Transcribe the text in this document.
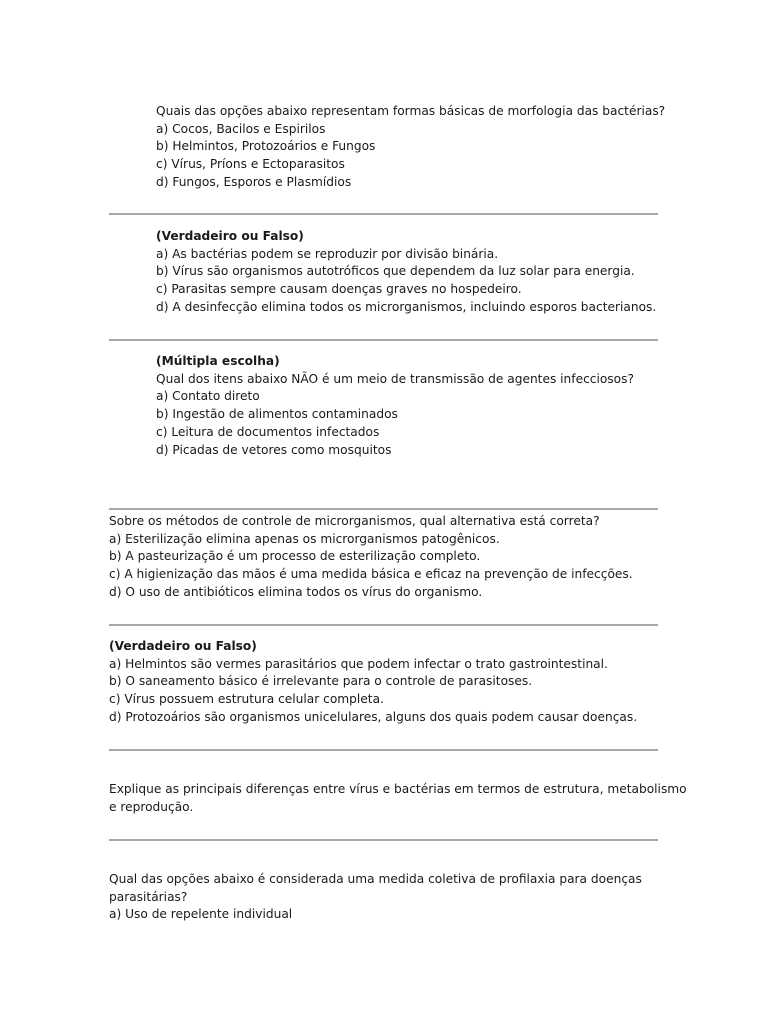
Quais das opções abaixo representam formas básicas de morfologia das bactérias?

a) Cocos, Bacilos e Espirilos

b) Helmintos, Protozoários e Fungos

c) Vírus, Príons e Ectoparasitos

d) Fungos, Esporos e Plasmídios

(Verdadeiro ou Falso)

a) As bactérias podem se reproduzir por divisão binária.

b) Vírus são organismos autotróficos que dependem da luz solar para energia.

c) Parasitas sempre causam doenças graves no hospedeiro.

d) A desinfecção elimina todos os microrganismos, incluindo esporos bacterianos.

(Múltipla escolha)

Qual dos itens abaixo NÃO é um meio de transmissão de agentes infecciosos?

a) Contato direto

b) Ingestão de alimentos contaminados

c) Leitura de documentos infectados

d) Picadas de vetores como mosquitos

Sobre os métodos de controle de microrganismos, qual alternativa está correta?

a) Esterilização elimina apenas os microrganismos patogênicos.

b) A pasteurização é um processo de esterilização completo.

c) A higienização das mãos é uma medida básica e eficaz na prevenção de infecções.

d) O uso de antibióticos elimina todos os vírus do organismo.

(Verdadeiro ou Falso)

a) Helmintos são vermes parasitários que podem infectar o trato gastrointestinal.

b) O saneamento básico é irrelevante para o controle de parasitoses.

c) Vírus possuem estrutura celular completa.

d) Protozoários são organismos unicelulares, alguns dos quais podem causar doenças.

Explique as principais diferenças entre vírus e bactérias em termos de estrutura, metabolismo

e reprodução.

Qual das opções abaixo é considerada uma medida coletiva de profilaxia para doenças

parasitárias?

a) Uso de repelente individual
